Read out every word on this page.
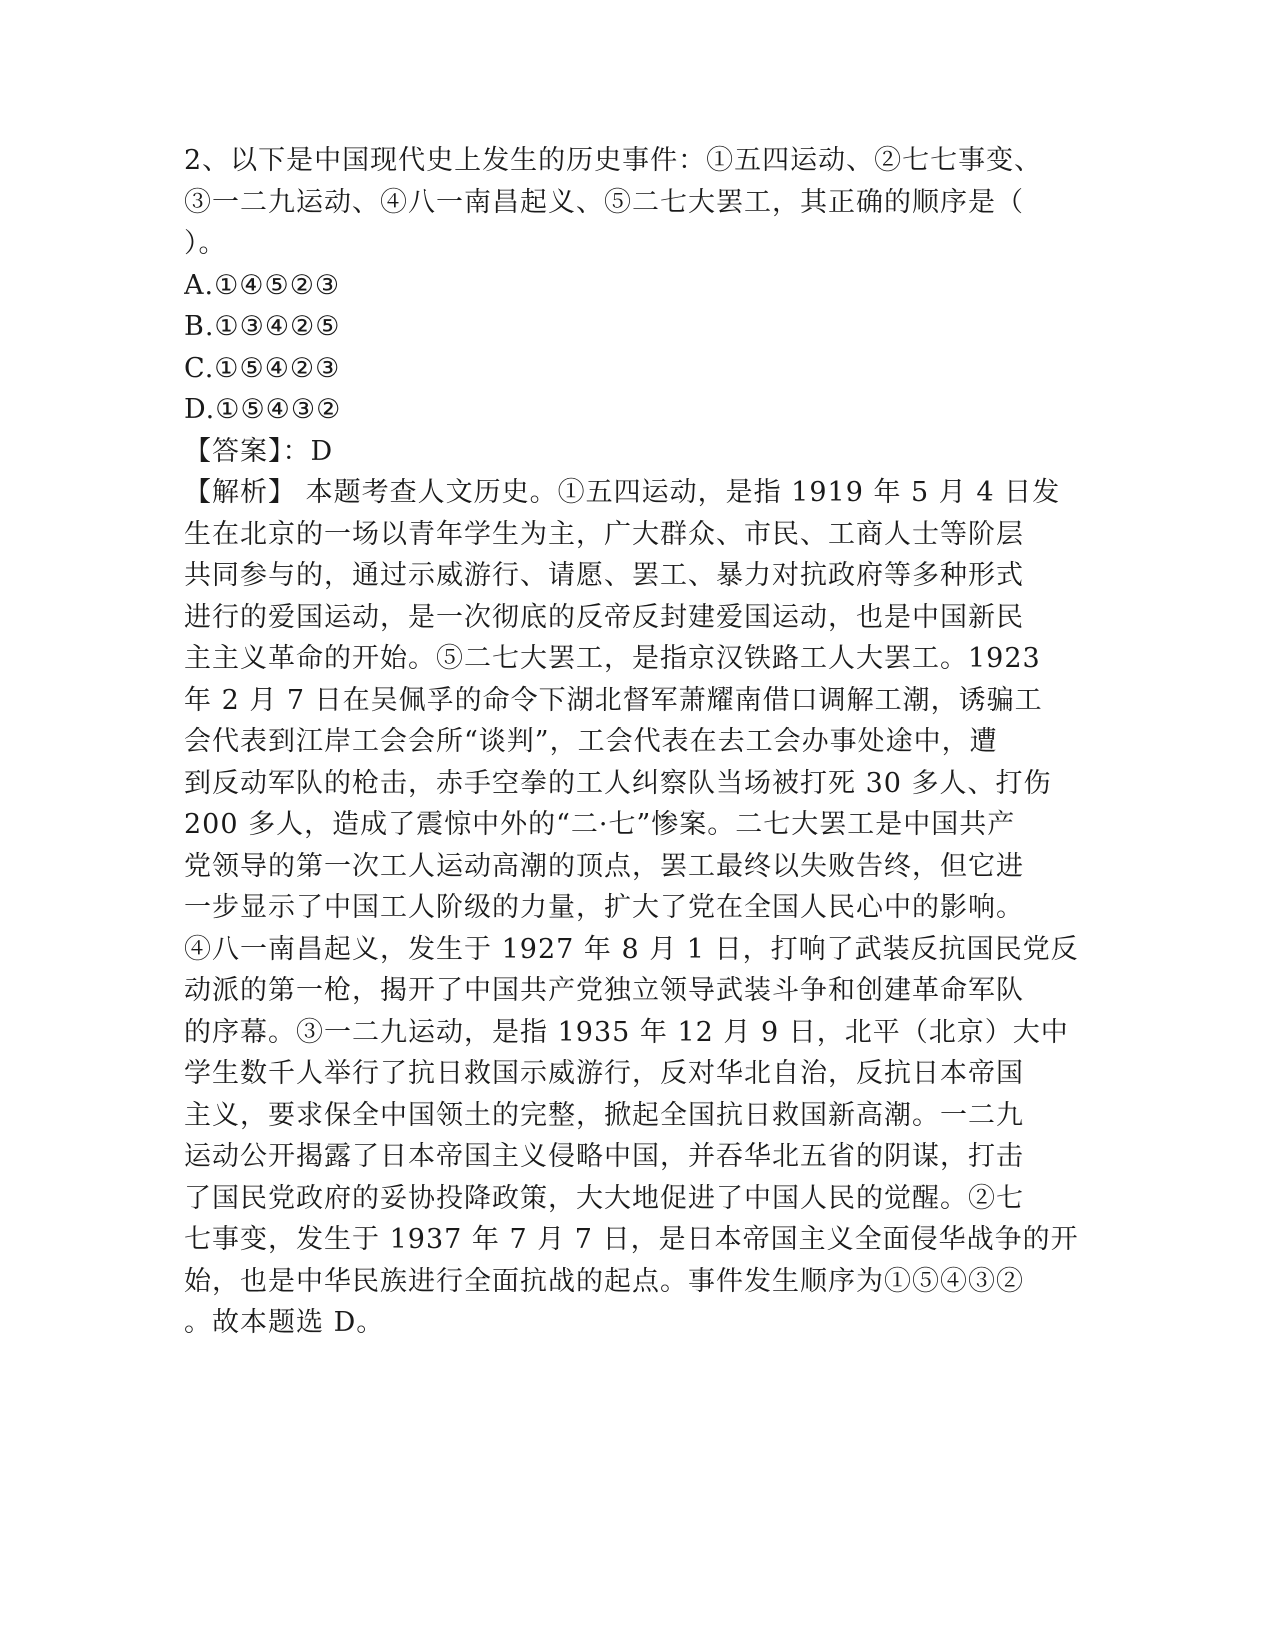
2、以下是中国现代史上发生的历史事件：①五四运动、②七七事变、

③一二九运动、④八一南昌起义、⑤二七大罢工，其正确的顺序是（

）。

A.①④⑤②③

B.①③④②⑤

C.①⑤④②③

D.①⑤④③②

【答案】：D

【解析】 本题考查人文历史。①五四运动，是指 1919 年 5 月 4 日发

生在北京的一场以青年学生为主，广大群众、市民、工商人士等阶层

共同参与的，通过示威游行、请愿、罢工、暴力对抗政府等多种形式

进行的爱国运动，是一次彻底的反帝反封建爱国运动，也是中国新民

主主义革命的开始。⑤二七大罢工，是指京汉铁路工人大罢工。1923

年 2 月 7 日在吴佩孚的命令下湖北督军萧耀南借口调解工潮，诱骗工

会代表到江岸工会会所“谈判”，工会代表在去工会办事处途中，遭

到反动军队的枪击，赤手空拳的工人纠察队当场被打死 30 多人、打伤

200 多人，造成了震惊中外的“二·七”惨案。二七大罢工是中国共产

党领导的第一次工人运动高潮的顶点，罢工最终以失败告终，但它进

一步显示了中国工人阶级的力量，扩大了党在全国人民心中的影响。

④八一南昌起义，发生于 1927 年 8 月 1 日，打响了武装反抗国民党反

动派的第一枪，揭开了中国共产党独立领导武装斗争和创建革命军队

的序幕。③一二九运动，是指 1935 年 12 月 9 日，北平（北京）大中

学生数千人举行了抗日救国示威游行，反对华北自治，反抗日本帝国

主义，要求保全中国领土的完整，掀起全国抗日救国新高潮。一二九

运动公开揭露了日本帝国主义侵略中国，并吞华北五省的阴谋，打击

了国民党政府的妥协投降政策，大大地促进了中国人民的觉醒。②七

七事变，发生于 1937 年 7 月 7 日，是日本帝国主义全面侵华战争的开

始，也是中华民族进行全面抗战的起点。事件发生顺序为①⑤④③②

。故本题选 D。
